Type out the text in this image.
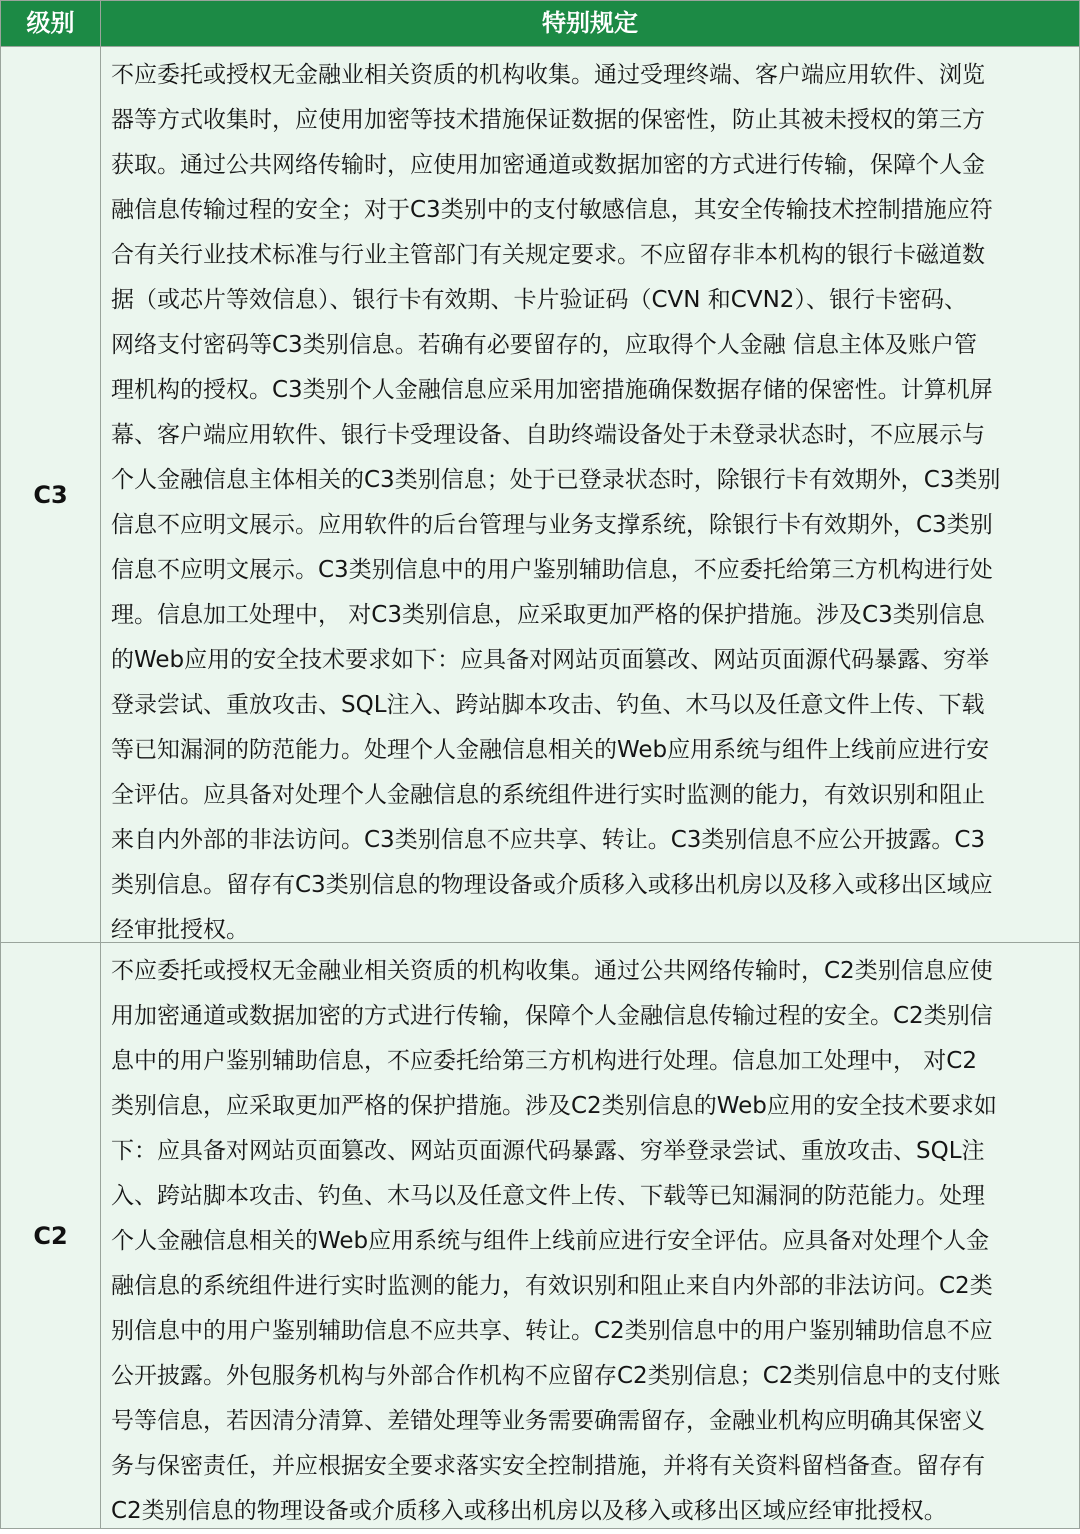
级别	特别规定
C3
不应委托或授权无金融业相关资质的机构收集。通过受理终端、客户端应用软件、浏览
器等方式收集时，应使用加密等技术措施保证数据的保密性，防止其被未授权的第三方
获取。通过公共网络传输时，应使用加密通道或数据加密的方式进行传输，保障个人金
融信息传输过程的安全；对于C3类别中的支付敏感信息，其安全传输技术控制措施应符
合有关行业技术标准与行业主管部门有关规定要求。不应留存非本机构的银行卡磁道数
据（或芯片等效信息）、银行卡有效期、卡片验证码（CVN 和CVN2）、银行卡密码、
网络支付密码等C3类别信息。若确有必要留存的，应取得个人金融 信息主体及账户管
理机构的授权。C3类别个人金融信息应采用加密措施确保数据存储的保密性。计算机屏
幕、客户端应用软件、银行卡受理设备、自助终端设备处于未登录状态时，不应展示与
个人金融信息主体相关的C3类别信息；处于已登录状态时，除银行卡有效期外，C3类别
信息不应明文展示。应用软件的后台管理与业务支撑系统，除银行卡有效期外，C3类别
信息不应明文展示。C3类别信息中的用户鉴别辅助信息，不应委托给第三方机构进行处
理。信息加工处理中， 对C3类别信息，应采取更加严格的保护措施。涉及C3类别信息
的Web应用的安全技术要求如下：应具备对网站页面篡改、网站页面源代码暴露、穷举
登录尝试、重放攻击、SQL注入、跨站脚本攻击、钓鱼、木马以及任意文件上传、下载
等已知漏洞的防范能力。处理个人金融信息相关的Web应用系统与组件上线前应进行安
全评估。应具备对处理个人金融信息的系统组件进行实时监测的能力，有效识别和阻止
来自内外部的非法访问。C3类别信息不应共享、转让。C3类别信息不应公开披露。C3
类别信息。留存有C3类别信息的物理设备或介质移入或移出机房以及移入或移出区域应
经审批授权。
C2
不应委托或授权无金融业相关资质的机构收集。通过公共网络传输时，C2类别信息应使
用加密通道或数据加密的方式进行传输，保障个人金融信息传输过程的安全。C2类别信
息中的用户鉴别辅助信息，不应委托给第三方机构进行处理。信息加工处理中， 对C2
类别信息，应采取更加严格的保护措施。涉及C2类别信息的Web应用的安全技术要求如
下：应具备对网站页面篡改、网站页面源代码暴露、穷举登录尝试、重放攻击、SQL注
入、跨站脚本攻击、钓鱼、木马以及任意文件上传、下载等已知漏洞的防范能力。处理
个人金融信息相关的Web应用系统与组件上线前应进行安全评估。应具备对处理个人金
融信息的系统组件进行实时监测的能力，有效识别和阻止来自内外部的非法访问。C2类
别信息中的用户鉴别辅助信息不应共享、转让。C2类别信息中的用户鉴别辅助信息不应
公开披露。外包服务机构与外部合作机构不应留存C2类别信息；C2类别信息中的支付账
号等信息，若因清分清算、差错处理等业务需要确需留存，金融业机构应明确其保密义
务与保密责任，并应根据安全要求落实安全控制措施，并将有关资料留档备查。留存有
C2类别信息的物理设备或介质移入或移出机房以及移入或移出区域应经审批授权。
